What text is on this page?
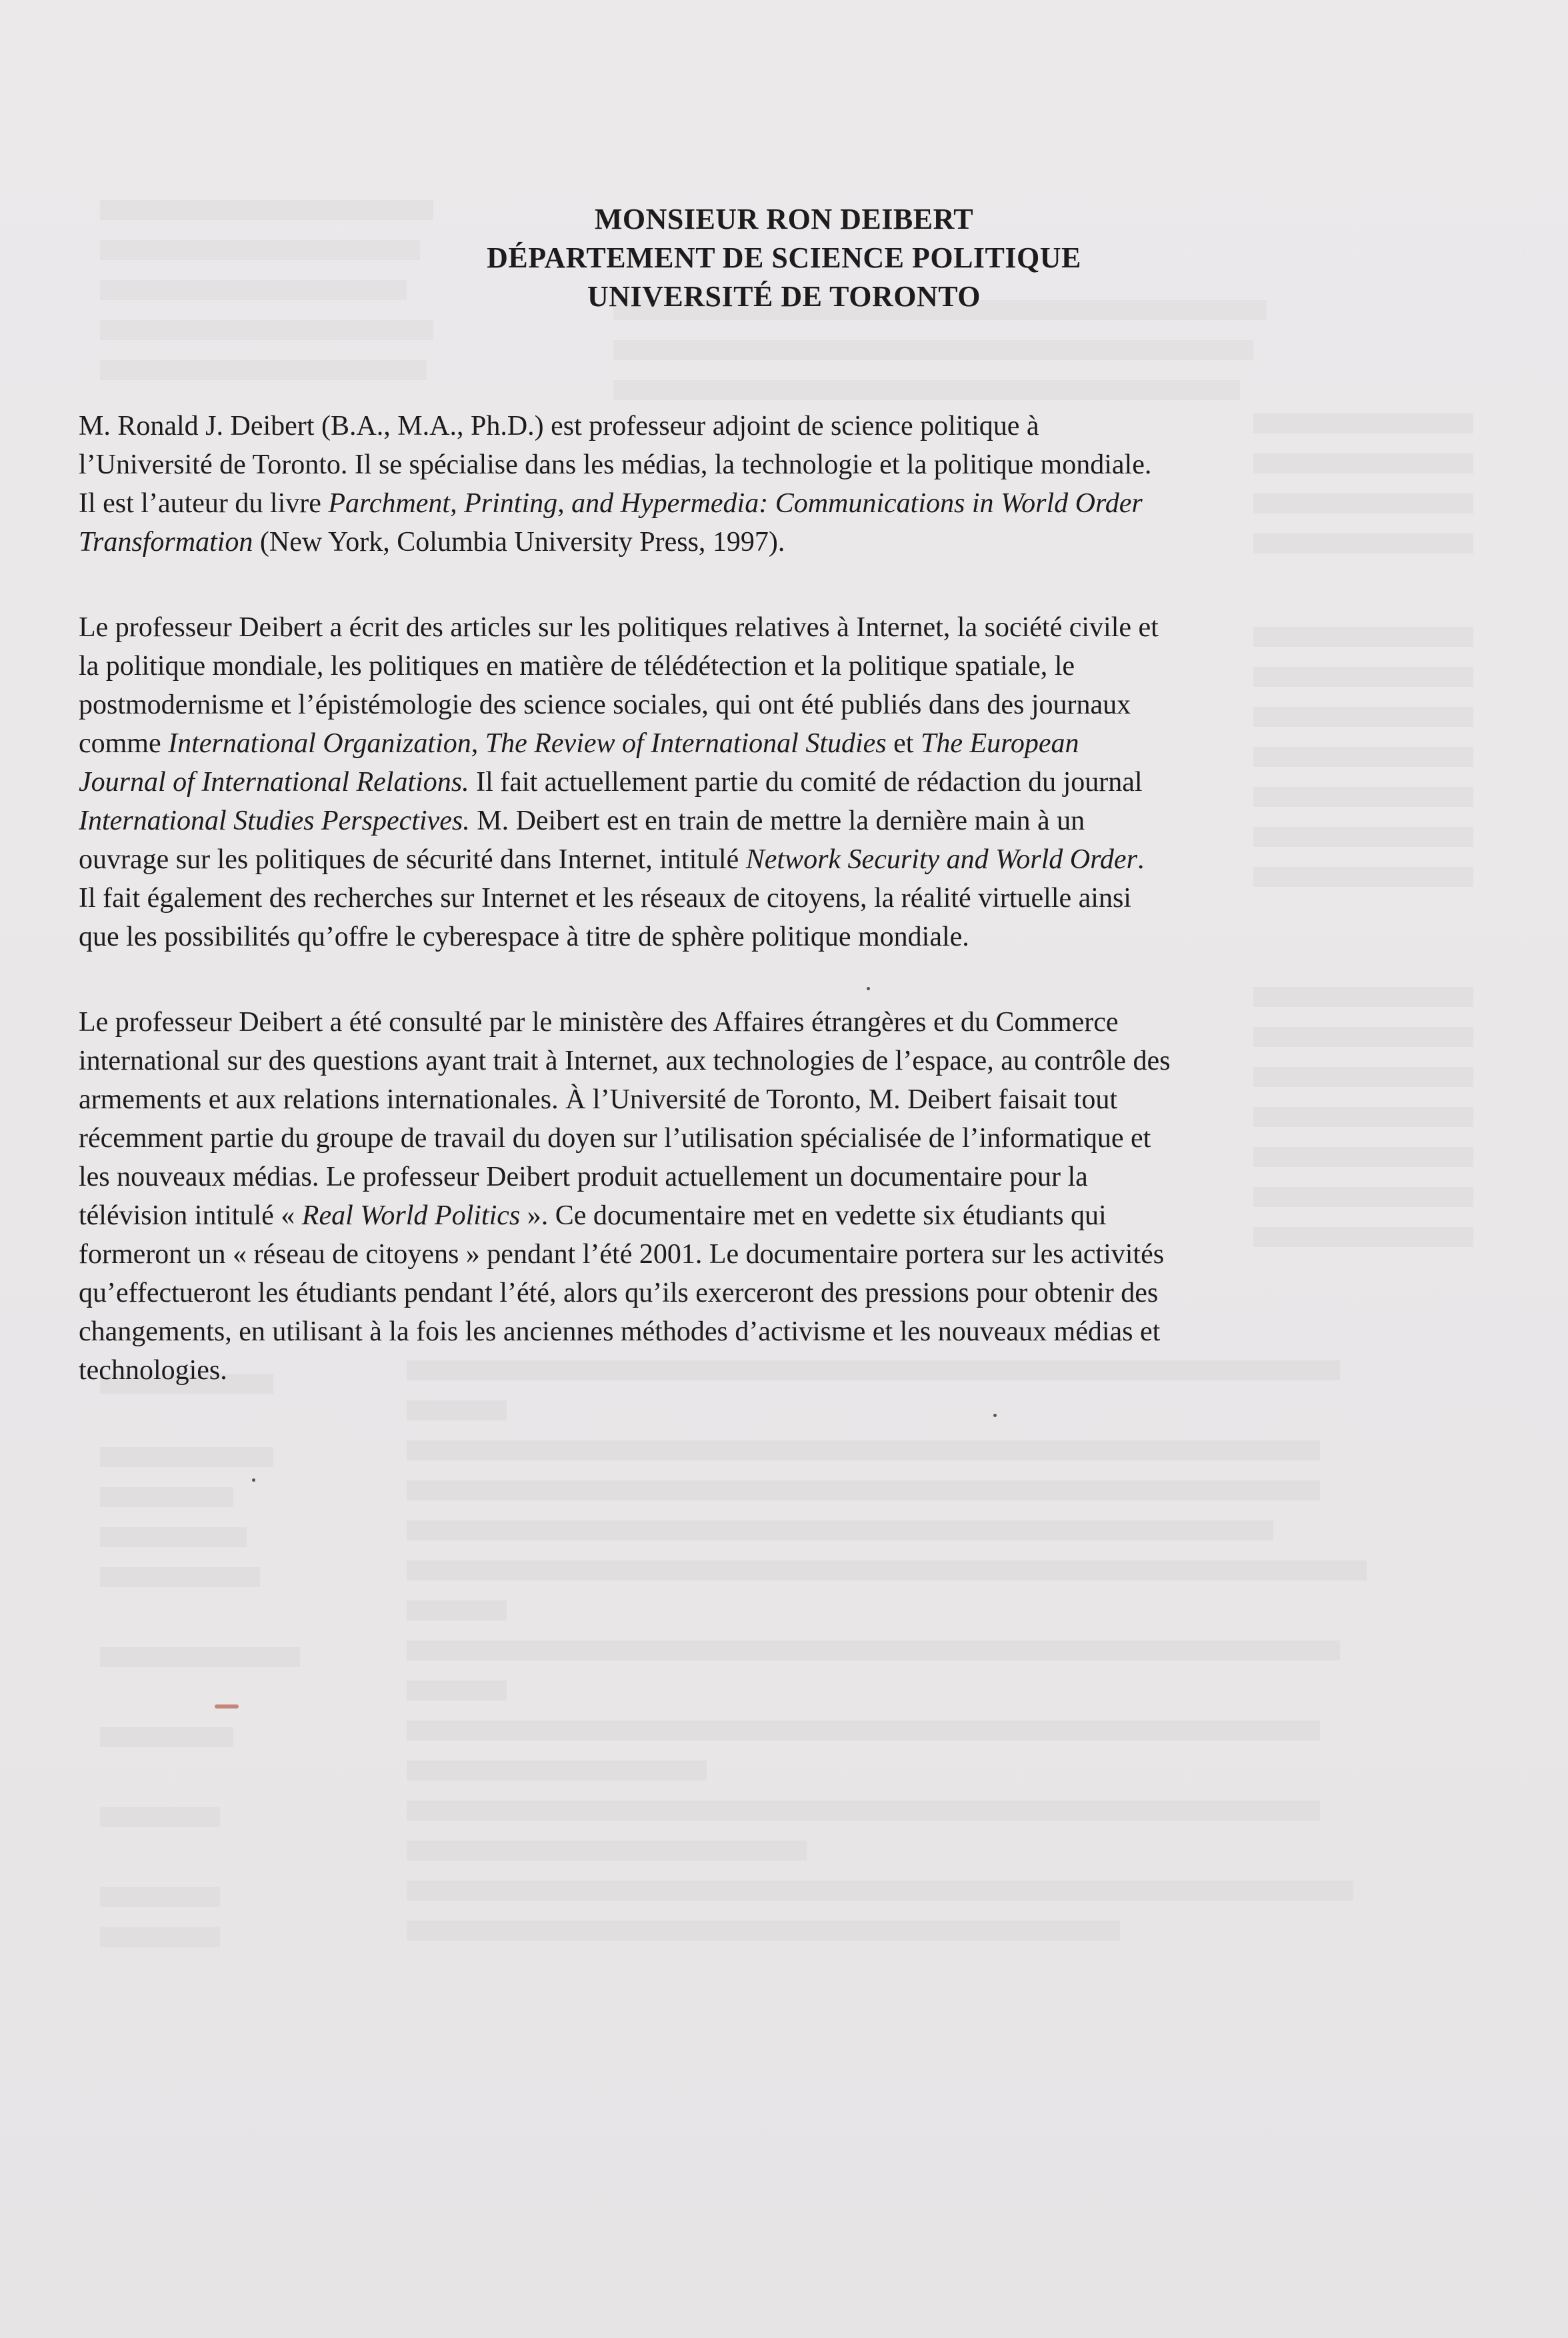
MONSIEUR RON DEIBERT
DÉPARTEMENT DE SCIENCE POLITIQUE
UNIVERSITÉ DE TORONTO
M. Ronald J. Deibert (B.A., M.A., Ph.D.) est professeur adjoint de science politique à
l’Université de Toronto. Il se spécialise dans les médias, la technologie et la politique mondiale.
Il est l’auteur du livre Parchment, Printing, and Hypermedia: Communications in World Order
Transformation (New York, Columbia University Press, 1997).
Le professeur Deibert a écrit des articles sur les politiques relatives à Internet, la société civile et
la politique mondiale, les politiques en matière de télédétection et la politique spatiale, le
postmodernisme et l’épistémologie des science sociales, qui ont été publiés dans des journaux
comme International Organization, The Review of International Studies et The European
Journal of International Relations. Il fait actuellement partie du comité de rédaction du journal
International Studies Perspectives. M. Deibert est en train de mettre la dernière main à un
ouvrage sur les politiques de sécurité dans Internet, intitulé Network Security and World Order.
Il fait également des recherches sur Internet et les réseaux de citoyens, la réalité virtuelle ainsi
que les possibilités qu’offre le cyberespace à titre de sphère politique mondiale.
Le professeur Deibert a été consulté par le ministère des Affaires étrangères et du Commerce
international sur des questions ayant trait à Internet, aux technologies de l’espace, au contrôle des
armements et aux relations internationales. À l’Université de Toronto, M. Deibert faisait tout
récemment partie du groupe de travail du doyen sur l’utilisation spécialisée de l’informatique et
les nouveaux médias. Le professeur Deibert produit actuellement un documentaire pour la
télévision intitulé « Real World Politics ». Ce documentaire met en vedette six étudiants qui
formeront un « réseau de citoyens » pendant l’été 2001. Le documentaire portera sur les activités
qu’effectueront les étudiants pendant l’été, alors qu’ils exerceront des pressions pour obtenir des
changements, en utilisant à la fois les anciennes méthodes d’activisme et les nouveaux médias et
technologies.
